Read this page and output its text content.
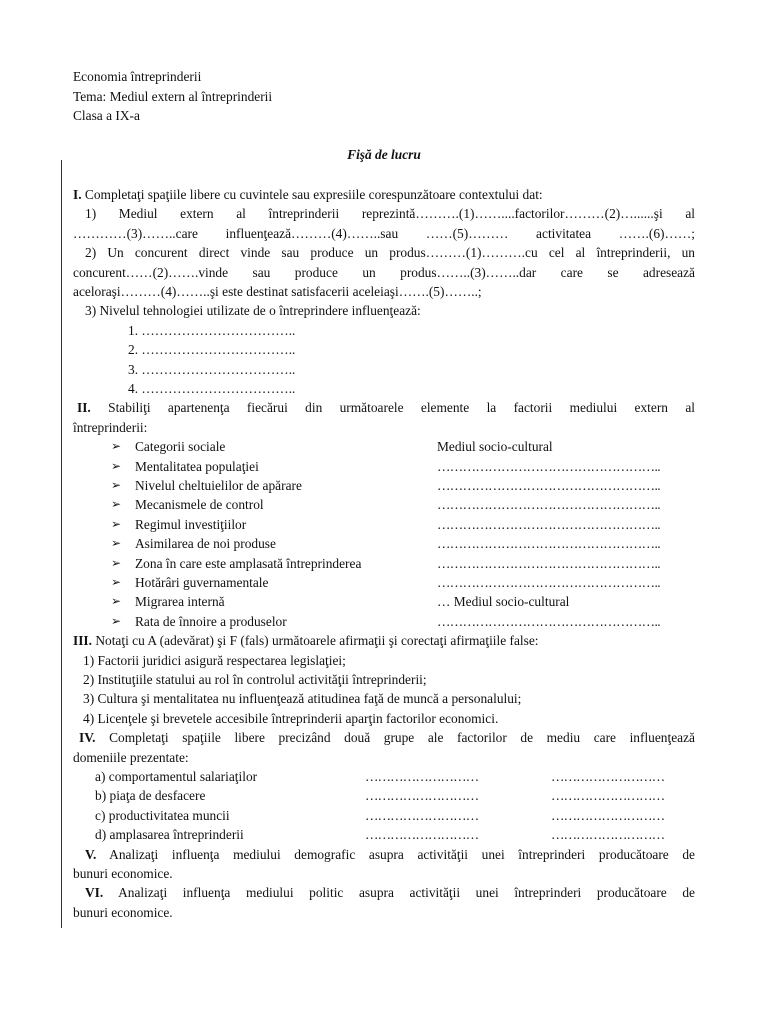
Economia întreprinderii
Tema: Mediul extern al întreprinderii
Clasa a IX-a
Fişă de lucru
I. Completaţi spaţiile libere cu cuvintele sau expresiile corespunzătoare contextului dat:
1) Mediul extern al întreprinderii reprezintă……….(1)……....factorilor………(2)…......şi al
…………(3)……..care influenţează………(4)……..sau ……(5)……… activitatea …….(6)……;
2) Un concurent direct vinde sau produce un produs………(1)……….cu cel al întreprinderii, un
concurent……(2)…….vinde sau produce un produs……..(3)……..dar care se adresează
aceloraşi………(4)……..şi este destinat satisfacerii aceleiaşi…….(5)……..;
3) Nivelul tehnologiei utilizate de o întreprindere influenţează:
1. ……………………………..
2. ……………………………..
3. ……………………………..
4. ……………………………..
II. Stabiliţi apartenenţa fiecărui din următoarele elemente la factorii mediului extern al
întreprinderii:
➢	Categorii sociale	Mediul socio-cultural
➢	Mentalitatea populaţiei	……………………………………………..
➢	Nivelul cheltuielilor de apărare	……………………………………………..
➢	Mecanismele de control	……………………………………………..
➢	Regimul investiţiilor	……………………………………………..
➢	Asimilarea de noi produse	……………………………………………..
➢	Zona în care este amplasată întreprinderea	……………………………………………..
➢	Hotărâri guvernamentale	……………………………………………..
➢	Migrarea internă	… Mediul socio-cultural
➢	Rata de înnoire a produselor	……………………………………………..
III. Notaţi cu A (adevărat) şi F (fals) următoarele afirmaţii şi corectaţi afirmaţiile false:
1) Factorii juridici asigură respectarea legislaţiei;
2) Instituţiile statului au rol în controlul activităţii întreprinderii;
3) Cultura şi mentalitatea nu influenţează atitudinea faţă de muncă a personalului;
4) Licenţele şi brevetele accesibile întreprinderii aparţin factorilor economici.
IV. Completaţi spaţiile libere precizând două grupe ale factorilor de mediu care influenţează
domeniile prezentate:
a) comportamentul salariaţilor	………………………	………………………
b) piaţa de desfacere	………………………	………………………
c) productivitatea muncii	………………………	………………………
d) amplasarea întreprinderii	………………………	………………………
V. Analizaţi influenţa mediului demografic asupra activităţii unei întreprinderi producătoare de
bunuri economice.
VI. Analizaţi influenţa mediului politic asupra activităţii unei întreprinderi producătoare de
bunuri economice.
